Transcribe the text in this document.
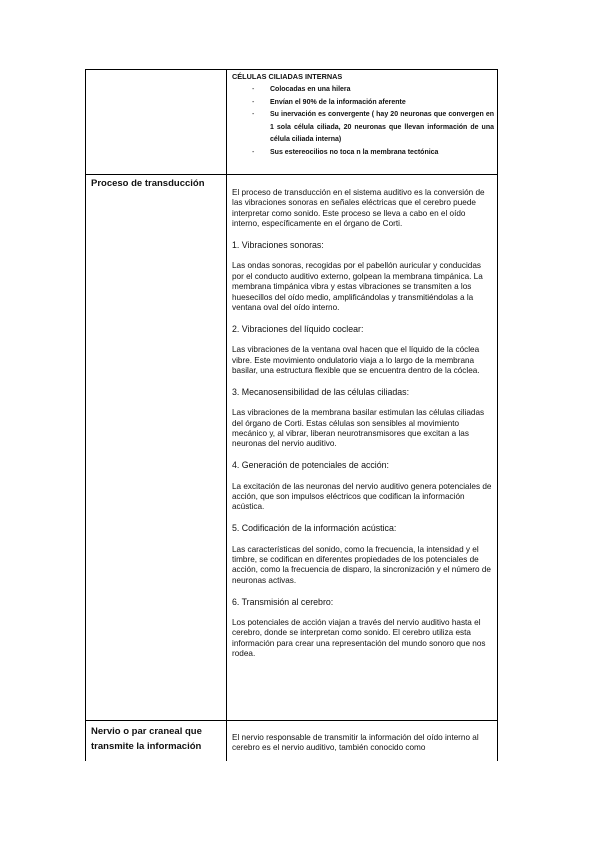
CÉLULAS CILIADAS INTERNAS
- Colocadas en una hilera
- Envían el 90% de la información aferente
- Su inervación es convergente ( hay 20 neuronas que convergen en 1 sola célula ciliada, 20 neuronas que llevan información de una célula ciliada interna)
- Sus estereocilios no toca n la membrana tectónica
Proceso de transducción

El proceso de transducción en el sistema auditivo es la conversión de las vibraciones sonoras en señales eléctricas que el cerebro puede interpretar como sonido. Este proceso se lleva a cabo en el oído interno, específicamente en el órgano de Corti.

1. Vibraciones sonoras:

Las ondas sonoras, recogidas por el pabellón auricular y conducidas por el conducto auditivo externo, golpean la membrana timpánica. La membrana timpánica vibra y estas vibraciones se transmiten a los huesecillos del oído medio, amplificándolas y transmitiéndolas a la ventana oval del oído interno.

2. Vibraciones del líquido coclear:

Las vibraciones de la ventana oval hacen que el líquido de la cóclea vibre. Este movimiento ondulatorio viaja a lo largo de la membrana basilar, una estructura flexible que se encuentra dentro de la cóclea.

3. Mecanosensibilidad de las células ciliadas:

Las vibraciones de la membrana basilar estimulan las células ciliadas del órgano de Corti. Estas células son sensibles al movimiento mecánico y, al vibrar, liberan neurotransmisores que excitan a las neuronas del nervio auditivo.

4. Generación de potenciales de acción:

La excitación de las neuronas del nervio auditivo genera potenciales de acción, que son impulsos eléctricos que codifican la información acústica.

5. Codificación de la información acústica:

Las características del sonido, como la frecuencia, la intensidad y el timbre, se codifican en diferentes propiedades de los potenciales de acción, como la frecuencia de disparo, la sincronización y el número de neuronas activas.

6. Transmisión al cerebro:

Los potenciales de acción viajan a través del nervio auditivo hasta el cerebro, donde se interpretan como sonido. El cerebro utiliza esta información para crear una representación del mundo sonoro que nos rodea.

Nervio o par craneal que transmite la información

El nervio responsable de transmitir la información del oído interno al cerebro es el nervio auditivo, también conocido como
